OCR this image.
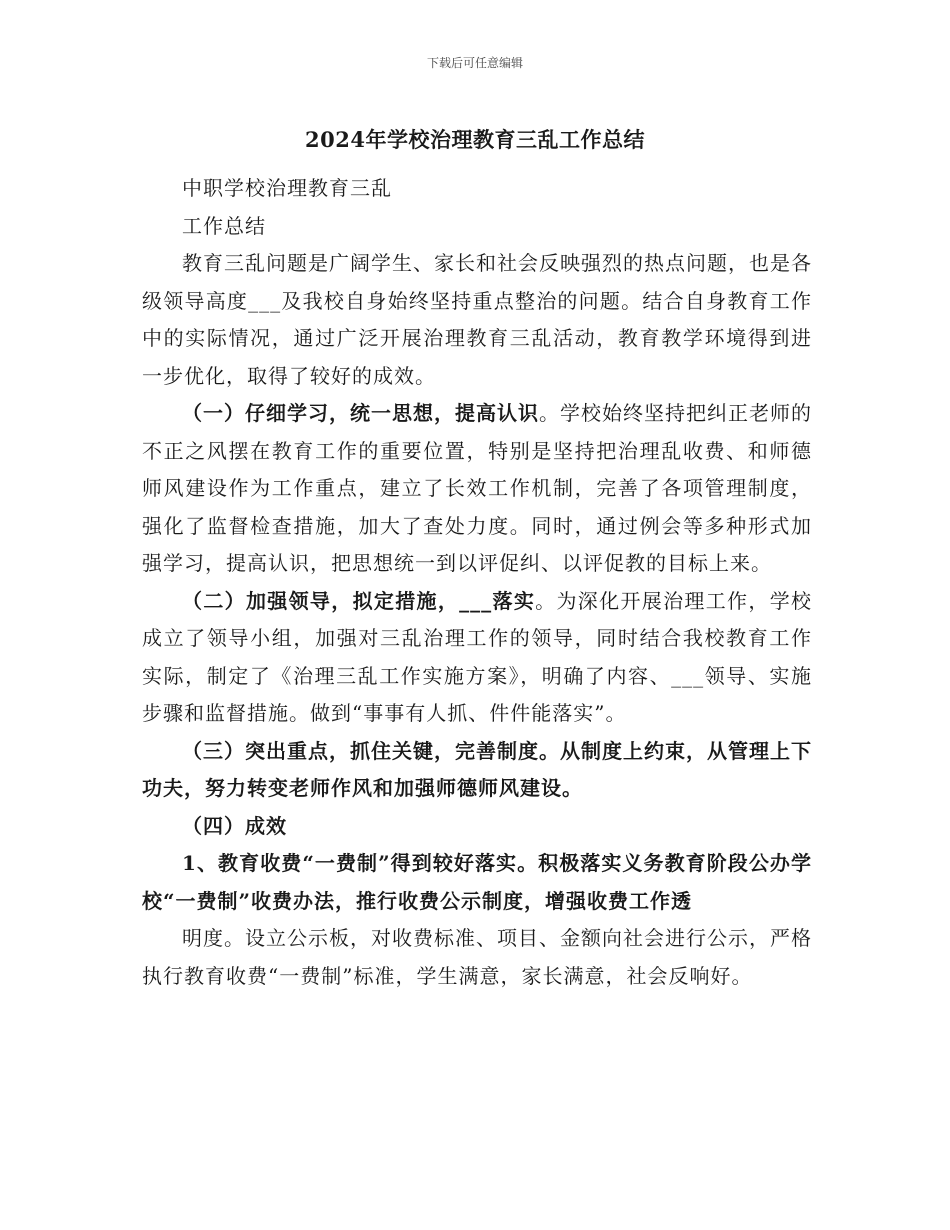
下载后可任意编辑
2024年学校治理教育三乱工作总结

中职学校治理教育三乱

工作总结

教育三乱问题是广阔学生、家长和社会反映强烈的热点问题，也是各级领导高度___及我校自身始终坚持重点整治的问题。结合自身教育工作中的实际情况，通过广泛开展治理教育三乱活动，教育教学环境得到进一步优化，取得了较好的成效。

（一）仔细学习，统一思想，提高认识。学校始终坚持把纠正老师的不正之风摆在教育工作的重要位置，特别是坚持把治理乱收费、和师德师风建设作为工作重点，建立了长效工作机制，完善了各项管理制度，强化了监督检查措施，加大了查处力度。同时，通过例会等多种形式加强学习，提高认识，把思想统一到以评促纠、以评促教的目标上来。

（二）加强领导，拟定措施，___落实。为深化开展治理工作，学校成立了领导小组，加强对三乱治理工作的领导，同时结合我校教育工作实际，制定了《治理三乱工作实施方案》，明确了内容、___领导、实施步骤和监督措施。做到“事事有人抓、件件能落实”。

（三）突出重点，抓住关键，完善制度。从制度上约束，从管理上下功夫，努力转变老师作风和加强师德师风建设。

（四）成效

1、教育收费“一费制”得到较好落实。积极落实义务教育阶段公办学校“一费制”收费办法，推行收费公示制度，增强收费工作透

明度。设立公示板，对收费标准、项目、金额向社会进行公示，严格执行教育收费“一费制”标准，学生满意，家长满意，社会反响好。
